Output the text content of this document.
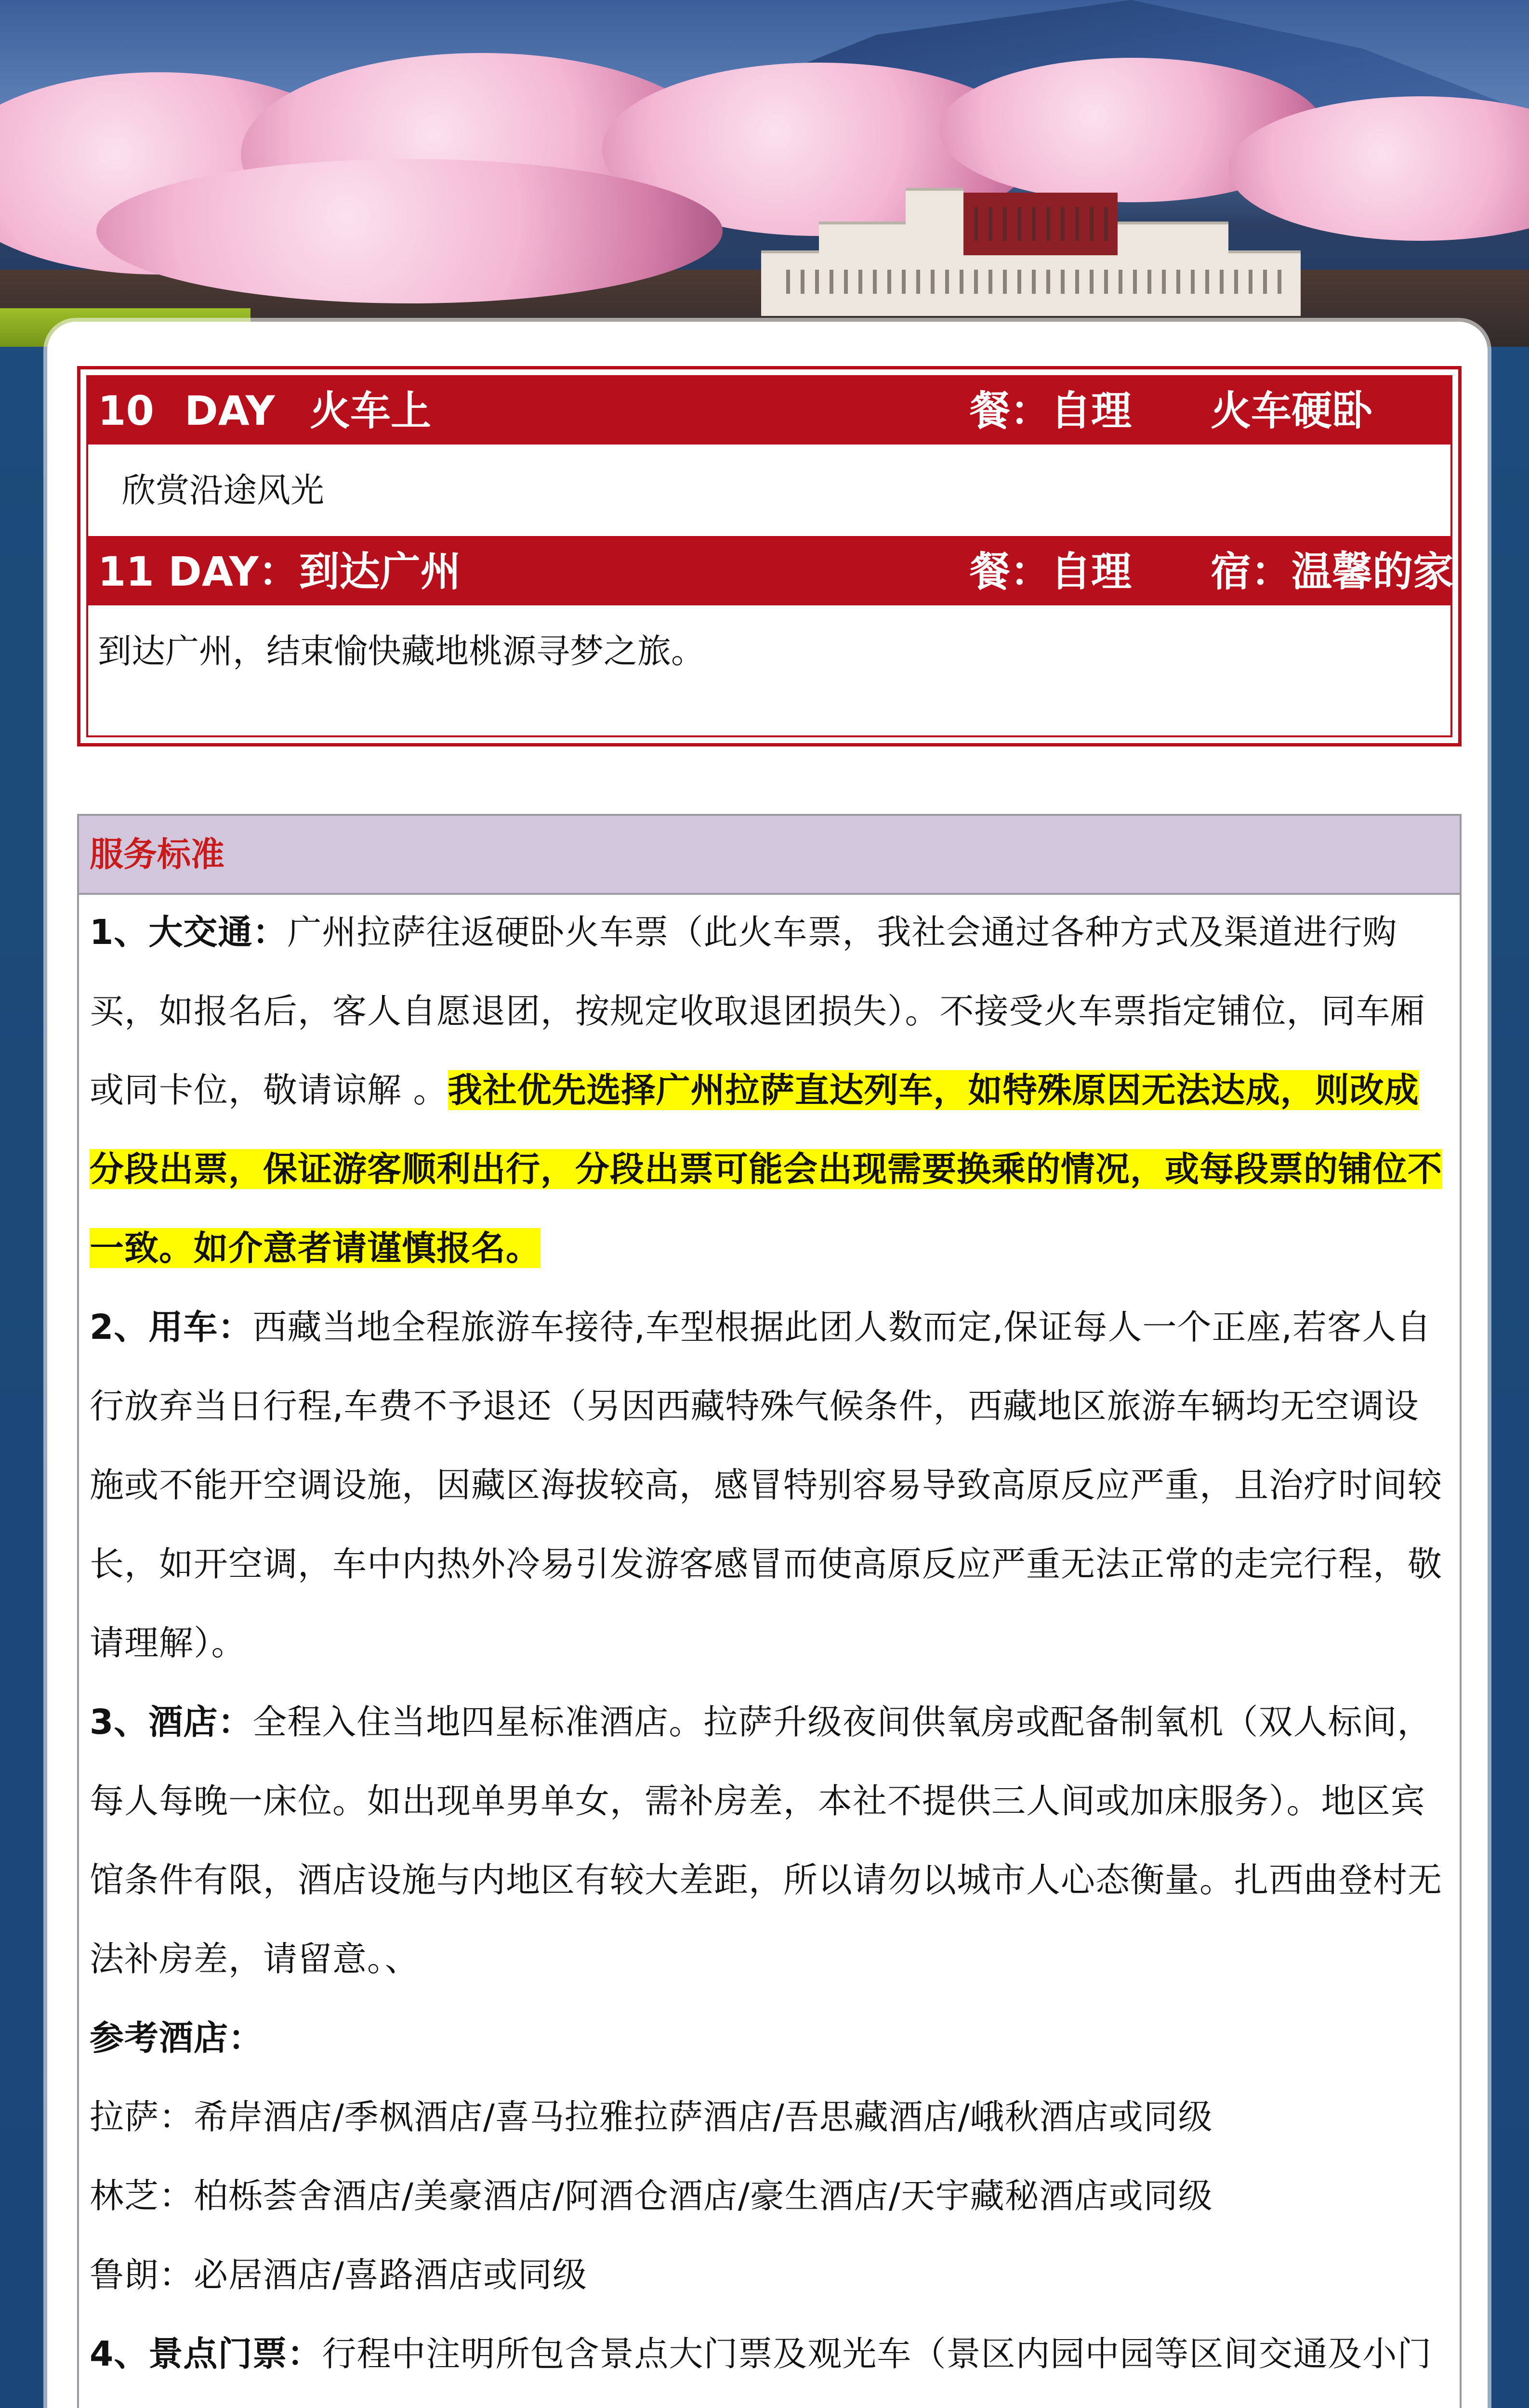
10 DAY 火车上	餐：自理 火车硬卧
欣赏沿途风光
11 DAY：到达广州	餐：自理 宿：温馨的家
到达广州，结束愉快藏地桃源寻梦之旅。
服务标准

1、大交通：广州拉萨往返硬卧火车票（此火车票，我社会通过各种方式及渠道进行购买，如报名后，客人自愿退团，按规定收取退团损失）。不接受火车票指定铺位，同车厢或同卡位，敬请谅解 。我社优先选择广州拉萨直达列车，如特殊原因无法达成，则改成分段出票，保证游客顺利出行，分段出票可能会出现需要换乘的情况，或每段票的铺位不一致。如介意者请谨慎报名。

2、用车：西藏当地全程旅游车接待,车型根据此团人数而定,保证每人一个正座,若客人自行放弃当日行程,车费不予退还（另因西藏特殊气候条件，西藏地区旅游车辆均无空调设施或不能开空调设施，因藏区海拔较高，感冒特别容易导致高原反应严重，且治疗时间较长，如开空调，车中内热外冷易引发游客感冒而使高原反应严重无法正常的走完行程，敬请理解）。

3、酒店：全程入住当地四星标准酒店。拉萨升级夜间供氧房或配备制氧机（双人标间，每人每晚一床位。如出现单男单女，需补房差，本社不提供三人间或加床服务）。地区宾馆条件有限，酒店设施与内地区有较大差距，所以请勿以城市人心态衡量。扎西曲登村无法补房差，请留意。、

参考酒店：

拉萨：希岸酒店/季枫酒店/喜马拉雅拉萨酒店/吾思藏酒店/峨秋酒店或同级

林芝：柏栎荟舍酒店/美豪酒店/阿酒仓酒店/豪生酒店/天宇藏秘酒店或同级

鲁朗：必居酒店/喜路酒店或同级

4、景点门票：行程中注明所包含景点大门票及观光车（景区内园中园等区间交通及小门
